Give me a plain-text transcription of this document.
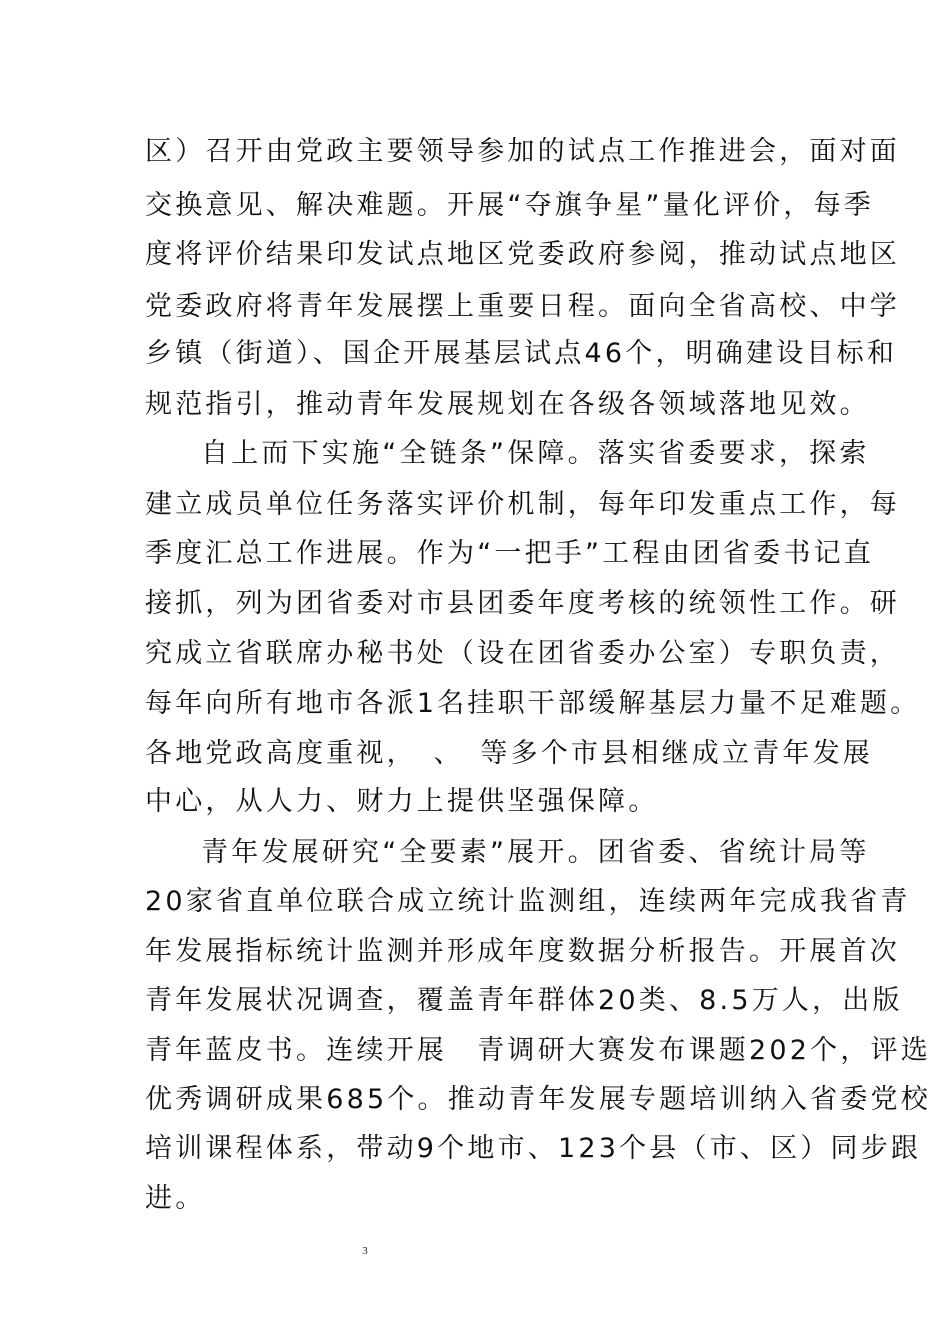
区）召开由党政主要领导参加的试点工作推进会，面对面
交换意见、解决难题。开展“夺旗争星”量化评价，每季
度将评价结果印发试点地区党委政府参阅，推动试点地区
党委政府将青年发展摆上重要日程。面向全省高校、中学
乡镇（街道）、国企开展基层试点46个，明确建设目标和
规范指引，推动青年发展规划在各级各领域落地见效。
自上而下实施“全链条”保障。落实省委要求，探索
建立成员单位任务落实评价机制，每年印发重点工作，每
季度汇总工作进展。作为“一把手”工程由团省委书记直
接抓，列为团省委对市县团委年度考核的统领性工作。研
究成立省联席办秘书处（设在团省委办公室）专职负责，
每年向所有地市各派1名挂职干部缓解基层力量不足难题。
各地党政高度重视，　、　等多个市县相继成立青年发展
中心，从人力、财力上提供坚强保障。
青年发展研究“全要素”展开。团省委、省统计局等
20家省直单位联合成立统计监测组，连续两年完成我省青
年发展指标统计监测并形成年度数据分析报告。开展首次
青年发展状况调查，覆盖青年群体20类、8.5万人，出版
青年蓝皮书。连续开展　青调研大赛发布课题202个，评选
优秀调研成果685个。推动青年发展专题培训纳入省委党校
培训课程体系，带动9个地市、123个县（市、区）同步跟
进。
3
